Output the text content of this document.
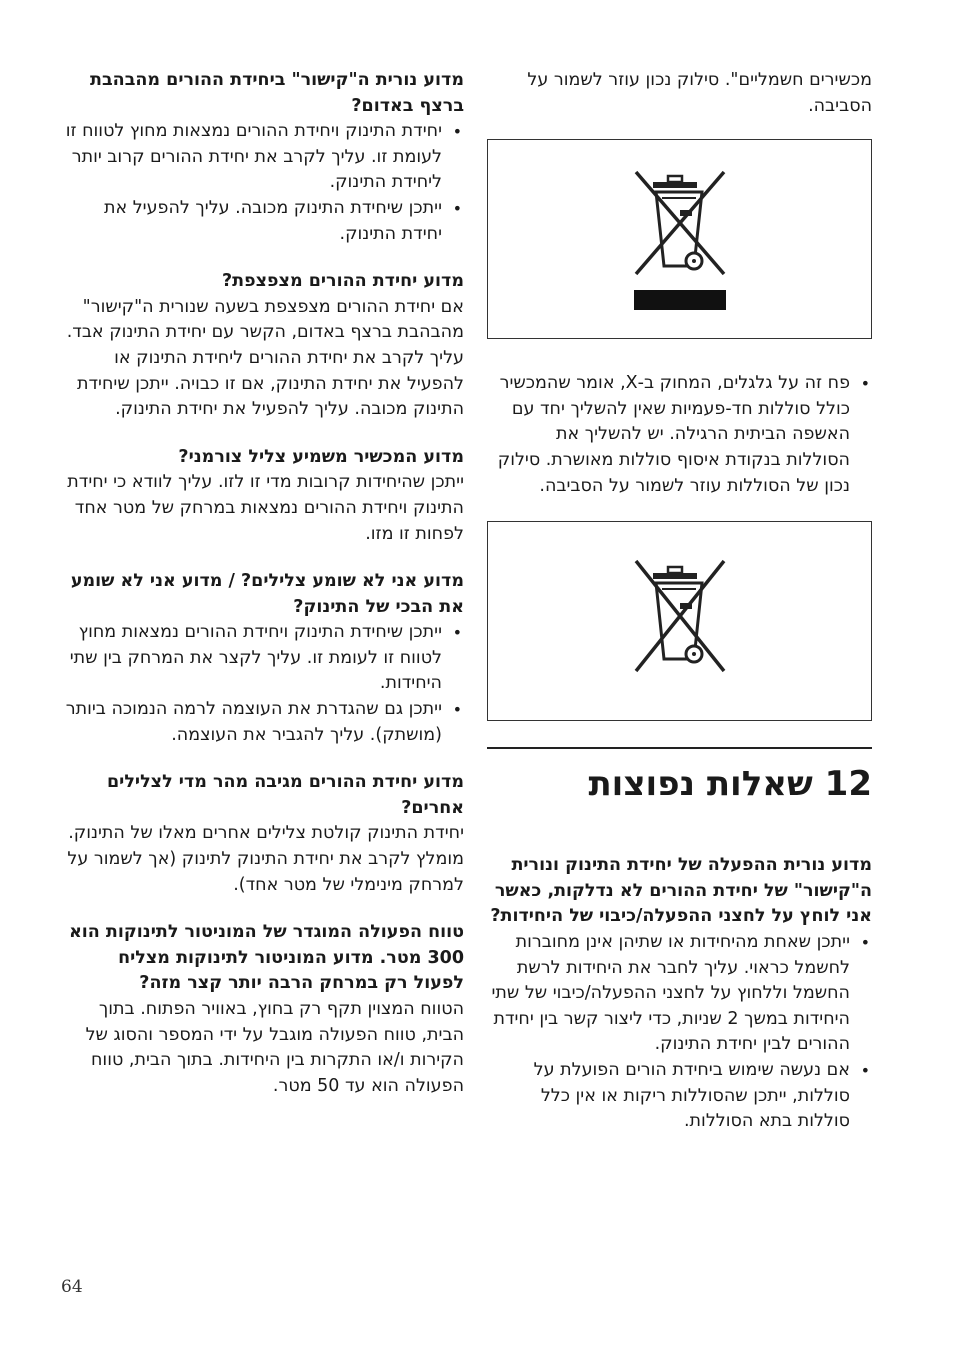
מכשירים חשמליים". סילוק נכון עוזר לשמור על הסביבה.

• פח זה על גלגלים, המחוק ב-X, אומר שהמכשיר כולל סוללות חד-פעמיות שאין להשליך יחד עם האשפה הביתית הרגילה. יש להשליך את הסוללות בנקודת איסוף סוללות מאושרת. סילוק נכון של הסוללות עוזר לשמור על הסביבה.
12 שאלות נפוצות
מדוע נורית ההפעלה של יחידת התינוק ונורית ה"קישור" של יחידת ההורים לא נדלקות, כאשר אני לוחץ על לחצני ההפעלה/כיבוי של היחידות?
• ייתכן שאחת מהיחידות או שתיהן אינן מחוברות לחשמל כראוי. עליך לחבר את היחידות לרשת החשמל וללחוץ על לחצני ההפעלה/כיבוי של שתי היחידות במשך 2 שניות, כדי ליצור קשר בין יחידת ההורים לבין יחידת התינוק.
• אם נעשה שימוש ביחידת הורים הפועלת על סוללות, ייתכן שהסוללות ריקות או אין כלל סוללות בתא הסוללות.
מדוע נורית ה"קישור" ביחידת ההורים מהבהבת ברצף באדום?
• יחידת התינוק ויחידת ההורים נמצאות מחוץ לטווח זו לעומת זו. עליך לקרב את יחידת ההורים קרוב יותר ליחידת התינוק.
• ייתכן שיחידת התינוק מכובה. עליך להפעיל את יחידת התינוק.
מדוע יחידת ההורים מצפצפת?

אם יחידת ההורים מצפצפת בשעה שנורית ה"קישור" מהבהבת ברצף באדום, הקשר עם יחידת התינוק אבד. עליך לקרב את יחידת ההורים ליחידת התינוק או להפעיל את יחידת התינוק, אם זו כבויה. ייתכן שיחידת התינוק מכובה. עליך להפעיל את יחידת התינוק.

מדוע המכשיר משמיע צליל צורמני?

ייתכן שהיחידות קרובות מדי זו לזו. עליך לוודא כי יחידת התינוק ויחידת ההורים נמצאות במרחק של מטר אחד לפחות זו מזו.

מדוע אני לא שומע צלילים? / מדוע אני לא שומע את הבכי של התינוק?
• ייתכן שיחידת התינוק ויחידת ההורים נמצאות מחוץ לטווח זו לעומת זו. עליך לקצר את המרחק בין שתי היחידות.
• ייתכן גם שהגדרת את העוצמה לרמה הנמוכה ביותר (מושתק). עליך להגביר את העוצמה.
מדוע יחידת ההורים מגיבה מהר מדי לצלילים אחרים?

יחידת התינוק קולטת צלילים אחרים מאלו של התינוק. מומלץ לקרב את יחידת התינוק לתינוק (אך לשמור על למרחק מינימלי של מטר אחד).

טווח הפעולה המוגדר של המוניטור לתינוקות הוא 300 מטר. מדוע המוניטור לתינוקות מצליח לפעול רק במרחק הרבה יותר קצר מזה?

הטווח המצוין תקף רק בחוץ, באוויר הפתוח. בתוך הבית, טווח הפעולה מוגבל על ידי המספר והסוג של הקירות ו/או התקרות בין היחידות. בתוך הבית, טווח הפעולה הוא עד 50 מטר.

64
